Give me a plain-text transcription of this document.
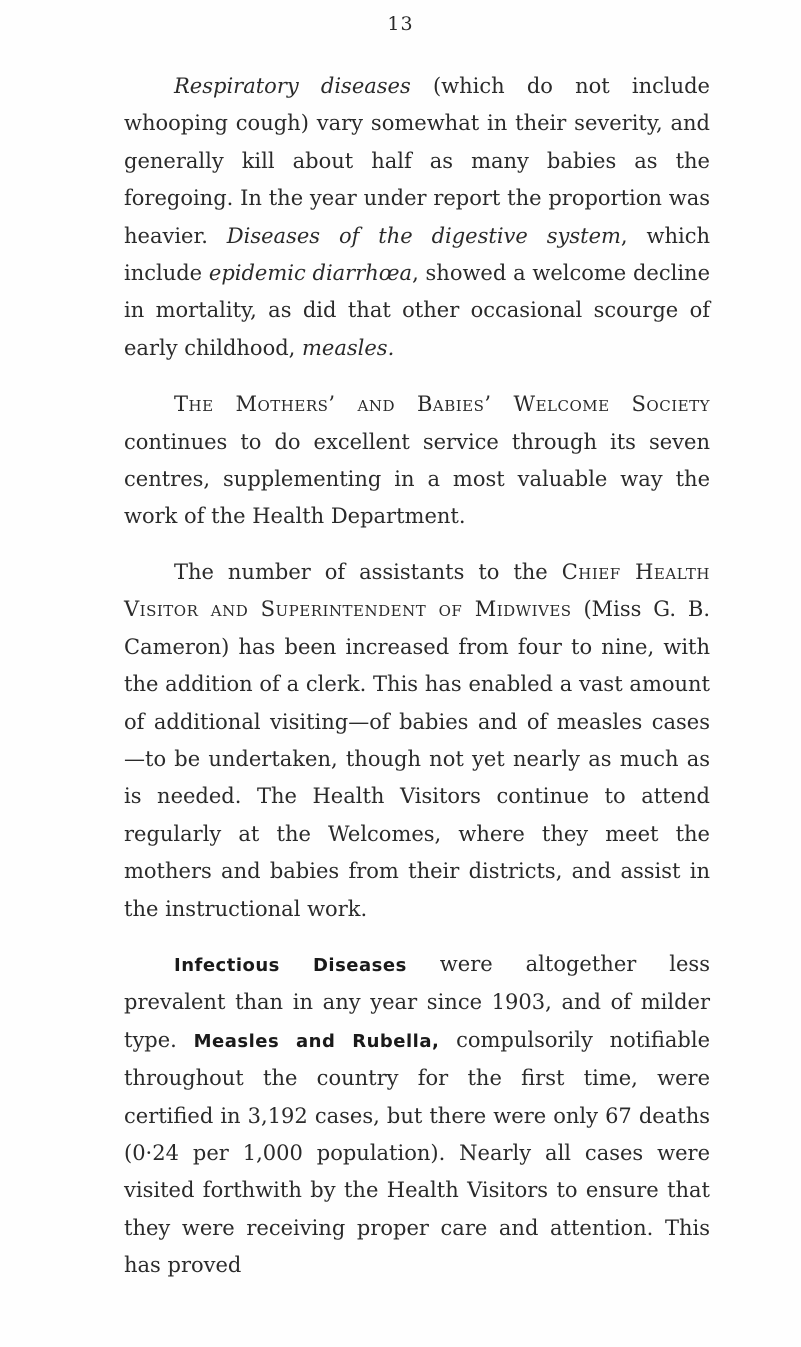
13

Respiratory diseases (which do not include whooping cough) vary somewhat in their severity, and generally kill about half as many babies as the foregoing. In the year under report the proportion was heavier. Diseases of the digestive system, which include epidemic diarrhœa, showed a welcome decline in mortality, as did that other occasional scourge of early childhood, measles.

The Mothers’ and Babies’ Welcome Society continues to do excellent service through its seven centres, supplementing in a most valuable way the work of the Health Department.

The number of assistants to the Chief Health Visitor and Superintendent of Midwives (Miss G. B. Cameron) has been increased from four to nine, with the addition of a clerk. This has enabled a vast amount of additional visiting—of babies and of measles cases—to be undertaken, though not yet nearly as much as is needed. The Health Visitors continue to attend regularly at the Welcomes, where they meet the mothers and babies from their districts, and assist in the instructional work.

Infectious Diseases were altogether less prevalent than in any year since 1903, and of milder type. Measles and Rubella, compulsorily notifiable throughout the country for the first time, were certified in 3,192 cases, but there were only 67 deaths (0·24 per 1,000 population). Nearly all cases were visited forthwith by the Health Visitors to ensure that they were receiving proper care and attention. This has proved
